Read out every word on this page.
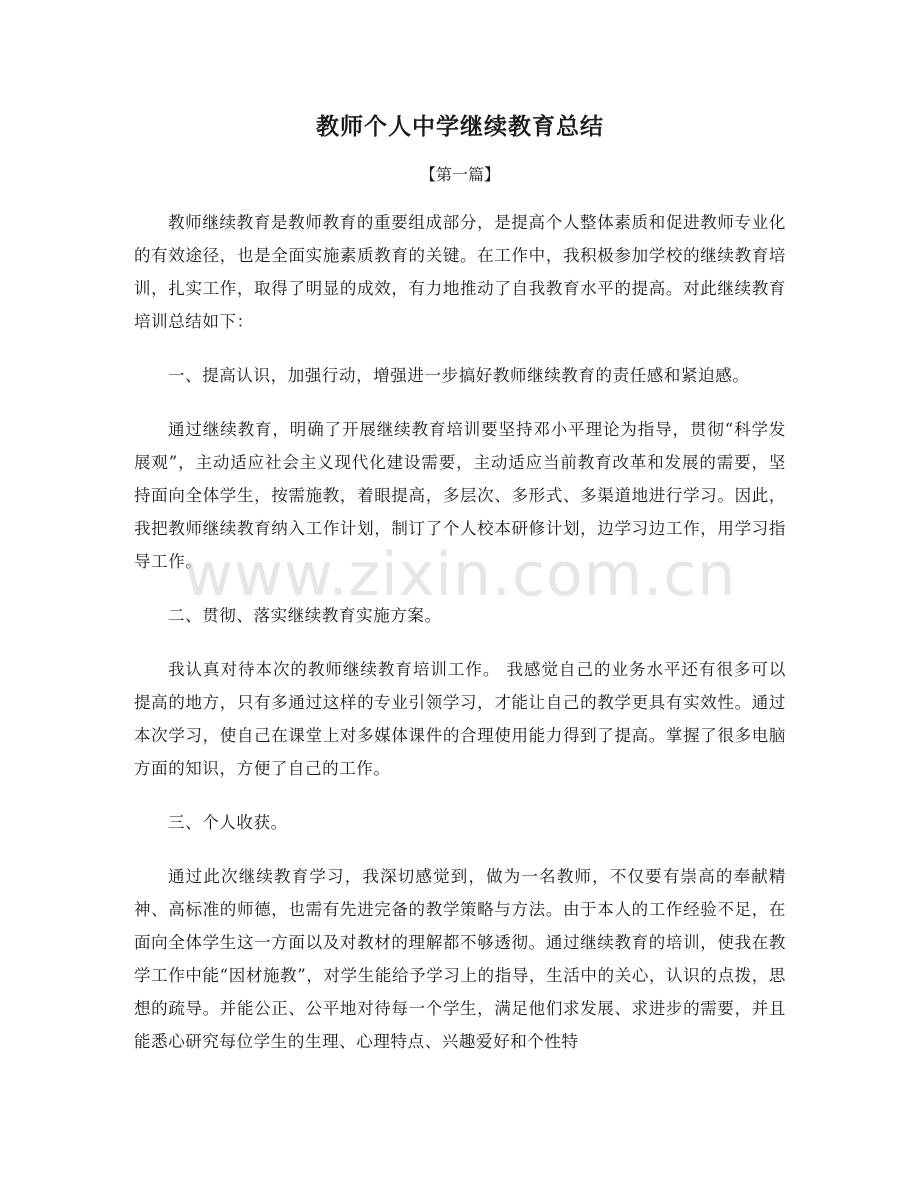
教师个人中学继续教育总结

【第一篇】

教师继续教育是教师教育的重要组成部分，是提高个人整体素质和促进教师专业化的有效途径，也是全面实施素质教育的关键。在工作中，我积极参加学校的继续教育培训，扎实工作，取得了明显的成效，有力地推动了自我教育水平的提高。对此继续教育培训总结如下：

一、提高认识，加强行动，增强进一步搞好教师继续教育的责任感和紧迫感。

通过继续教育，明确了开展继续教育培训要坚持邓小平理论为指导，贯彻“科学发展观”，主动适应社会主义现代化建设需要，主动适应当前教育改革和发展的需要，坚持面向全体学生，按需施教，着眼提高，多层次、多形式、多渠道地进行学习。因此，我把教师继续教育纳入工作计划，制订了个人校本研修计划，边学习边工作，用学习指导工作。

二、贯彻、落实继续教育实施方案。

我认真对待本次的教师继续教育培训工作。 我感觉自己的业务水平还有很多可以提高的地方，只有多通过这样的专业引领学习，才能让自己的教学更具有实效性。通过本次学习，使自己在课堂上对多媒体课件的合理使用能力得到了提高。掌握了很多电脑方面的知识，方便了自己的工作。

三、个人收获。

通过此次继续教育学习，我深切感觉到，做为一名教师，不仅要有崇高的奉献精神、高标准的师德，也需有先进完备的教学策略与方法。由于本人的工作经验不足，在面向全体学生这一方面以及对教材的理解都不够透彻。通过继续教育的培训，使我在教学工作中能“因材施教”，对学生能给予学习上的指导，生活中的关心，认识的点拨，思想的疏导。并能公正、公平地对待每一个学生，满足他们求发展、求进步的需要，并且能悉心研究每位学生的生理、心理特点、兴趣爱好和个性特

www.zixin.com.cn
